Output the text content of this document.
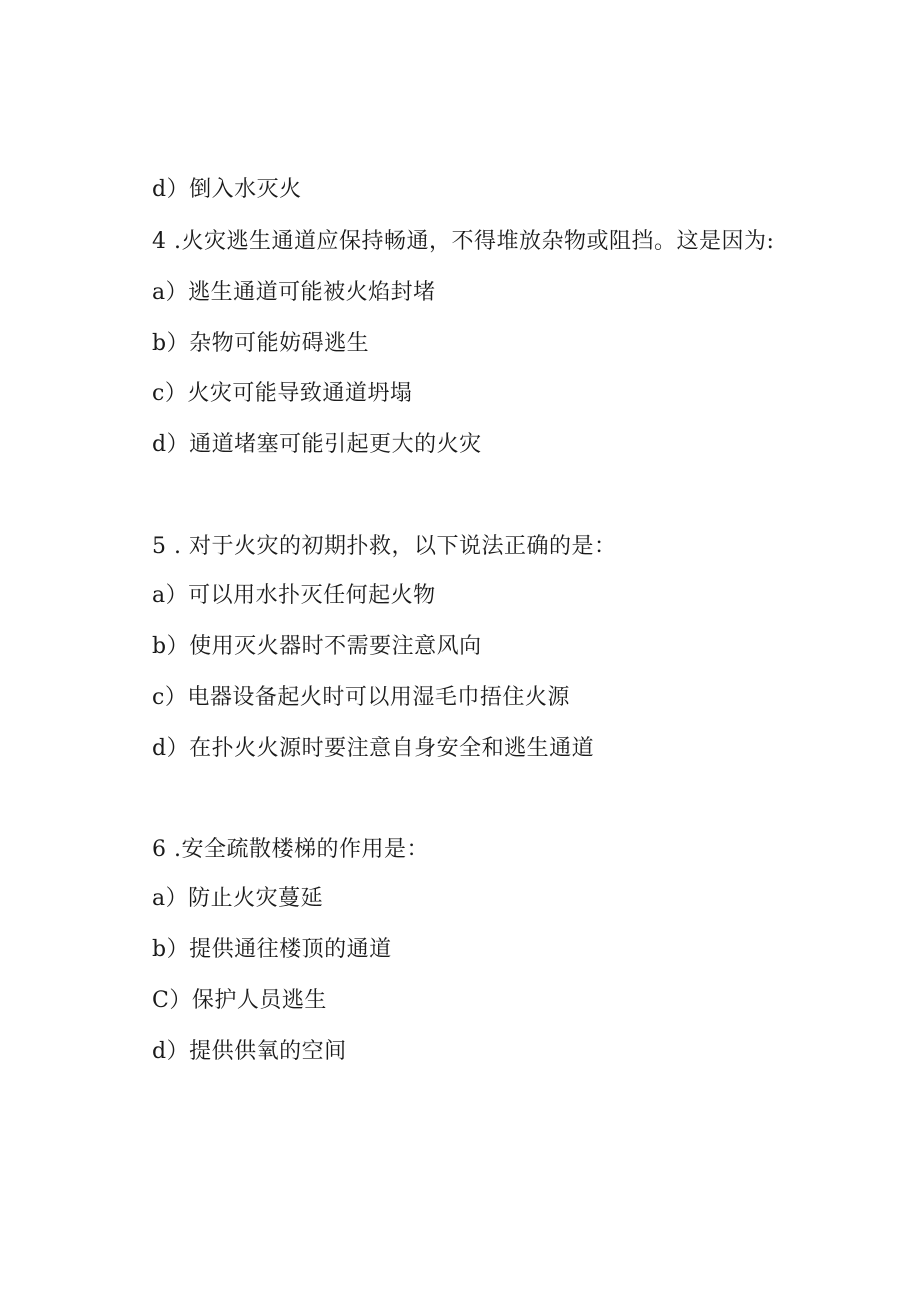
d）倒入水灭火
4 .火灾逃生通道应保持畅通，不得堆放杂物或阻挡。这是因为:
a）逃生通道可能被火焰封堵
b）杂物可能妨碍逃生
c）火灾可能导致通道坍塌
d）通道堵塞可能引起更大的火灾
5 . 对于火灾的初期扑救，以下说法正确的是：
a）可以用水扑灭任何起火物
b）使用灭火器时不需要注意风向
c）电器设备起火时可以用湿毛巾捂住火源
d）在扑火火源时要注意自身安全和逃生通道
6 .安全疏散楼梯的作用是：
a）防止火灾蔓延
b）提供通往楼顶的通道
C）保护人员逃生
d）提供供氧的空间
